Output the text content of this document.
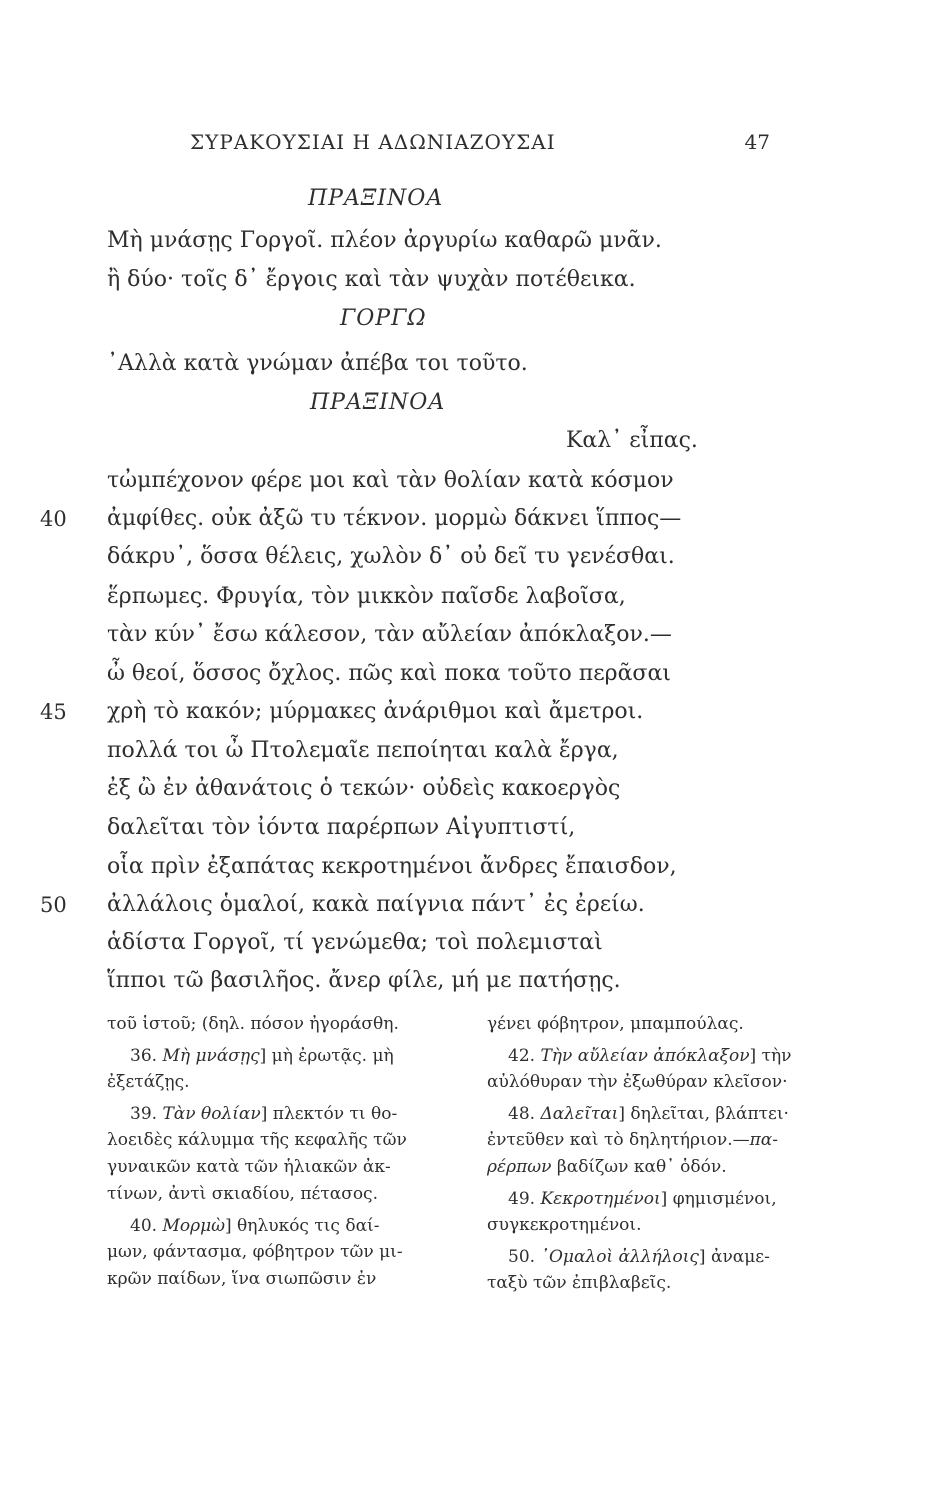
ΣΥΡΑΚΟΥΣΙΑΙ Η ΑΔΩΝΙΑΖΟΥΣΑΙ	47
ΠΡΑΞΙΝΟΑ
Μὴ μνάσῃς Γοργοῖ. πλέον ἀργυρίω καθαρῶ μνᾶν.
ἢ δύο· τοῖς δ᾽ ἔργοις καὶ τὰν ψυχὰν ποτέθεικα.
ΓΟΡΓΩ
᾽Αλλὰ κατὰ γνώμαν ἀπέβα τοι τοῦτο.
ΠΡΑΞΙΝΟΑ
Καλ᾽ εἶπας.
τὠμπέχονον φέρε μοι καὶ τὰν θολίαν κατὰ κόσμον
40 ἀμφίθες. οὐκ ἀξῶ τυ τέκνον. μορμὼ δάκνει ἵππος—
δάκρυ᾽, ὅσσα θέλεις, χωλὸν δ᾽ οὐ δεῖ τυ γενέσθαι.
ἕρπωμες. Φρυγία, τὸν μικκὸν παῖσδε λαβοῖσα,
τὰν κύν᾽ ἔσω κάλεσον, τὰν αὔλείαν ἀπόκλαξον.—
ὦ θεοί, ὅσσος ὄχλος. πῶς καὶ ποκα τοῦτο περᾶσαι
45 χρὴ τὸ κακόν; μύρμακες ἀνάριθμοι καὶ ἄμετροι.
πολλά τοι ὦ Πτολεμαῖε πεποίηται καλὰ ἔργα,
ἐξ ὢ ἐν ἀθανάτοις ὁ τεκών· οὐδεὶς κακοεργὸς
δαλεῖται τὸν ἰόντα παρέρπων Αἰγυπτιστί,
οἷα πρὶν ἐξαπάτας κεκροτημένοι ἄνδρες ἔπαισδον,
50 ἀλλάλοις ὁμαλοί, κακὰ παίγνια πάντ᾽ ἐς ἐρείω.
ἁδίστα Γοργοῖ, τί γενώμεθα; τοὶ πολεμισταὶ
ἵπποι τῶ βασιλῆος. ἄνερ φίλε, μή με πατήσῃς.
τοῦ ἱστοῦ; (δηλ. πόσον ἠγοράσθη.
36. Μὴ μνάσῃς] μὴ ἐρωτᾷς. μὴ
ἐξετάζῃς.
39. Τὰν θολίαν] πλεκτόν τι θο-
λοειδὲς κάλυμμα τῆς κεφαλῆς τῶν
γυναικῶν κατὰ τῶν ἡλιακῶν ἀκ-
τίνων, ἀντὶ σκιαδίου, πέτασος.
40. Μορμὼ] θηλυκός τις δαί-
μων, φάντασμα, φόβητρον τῶν μι-
κρῶν παίδων, ἵνα σιωπῶσιν ἐν
γένει φόβητρον, μπαμπούλας.
42. Τὴν αὔλείαν ἀπόκλαξον] τὴν
αὐλόθυραν τὴν ἐξωθύραν κλεῖσον·
48. Δαλεῖται] δηλεῖται, βλάπτει·
ἐντεῦθεν καὶ τὸ δηλητήριον.—πα-
ρέρπων βαδίζων καθ᾽ ὁδόν.
49. Κεκροτημένοι] φημισμένοι,
συγκεκροτημένοι.
50. ᾽Ομαλοὶ ἀλλήλοις] ἀναμε-
ταξὺ τῶν ἐπιβλαβεῖς.
